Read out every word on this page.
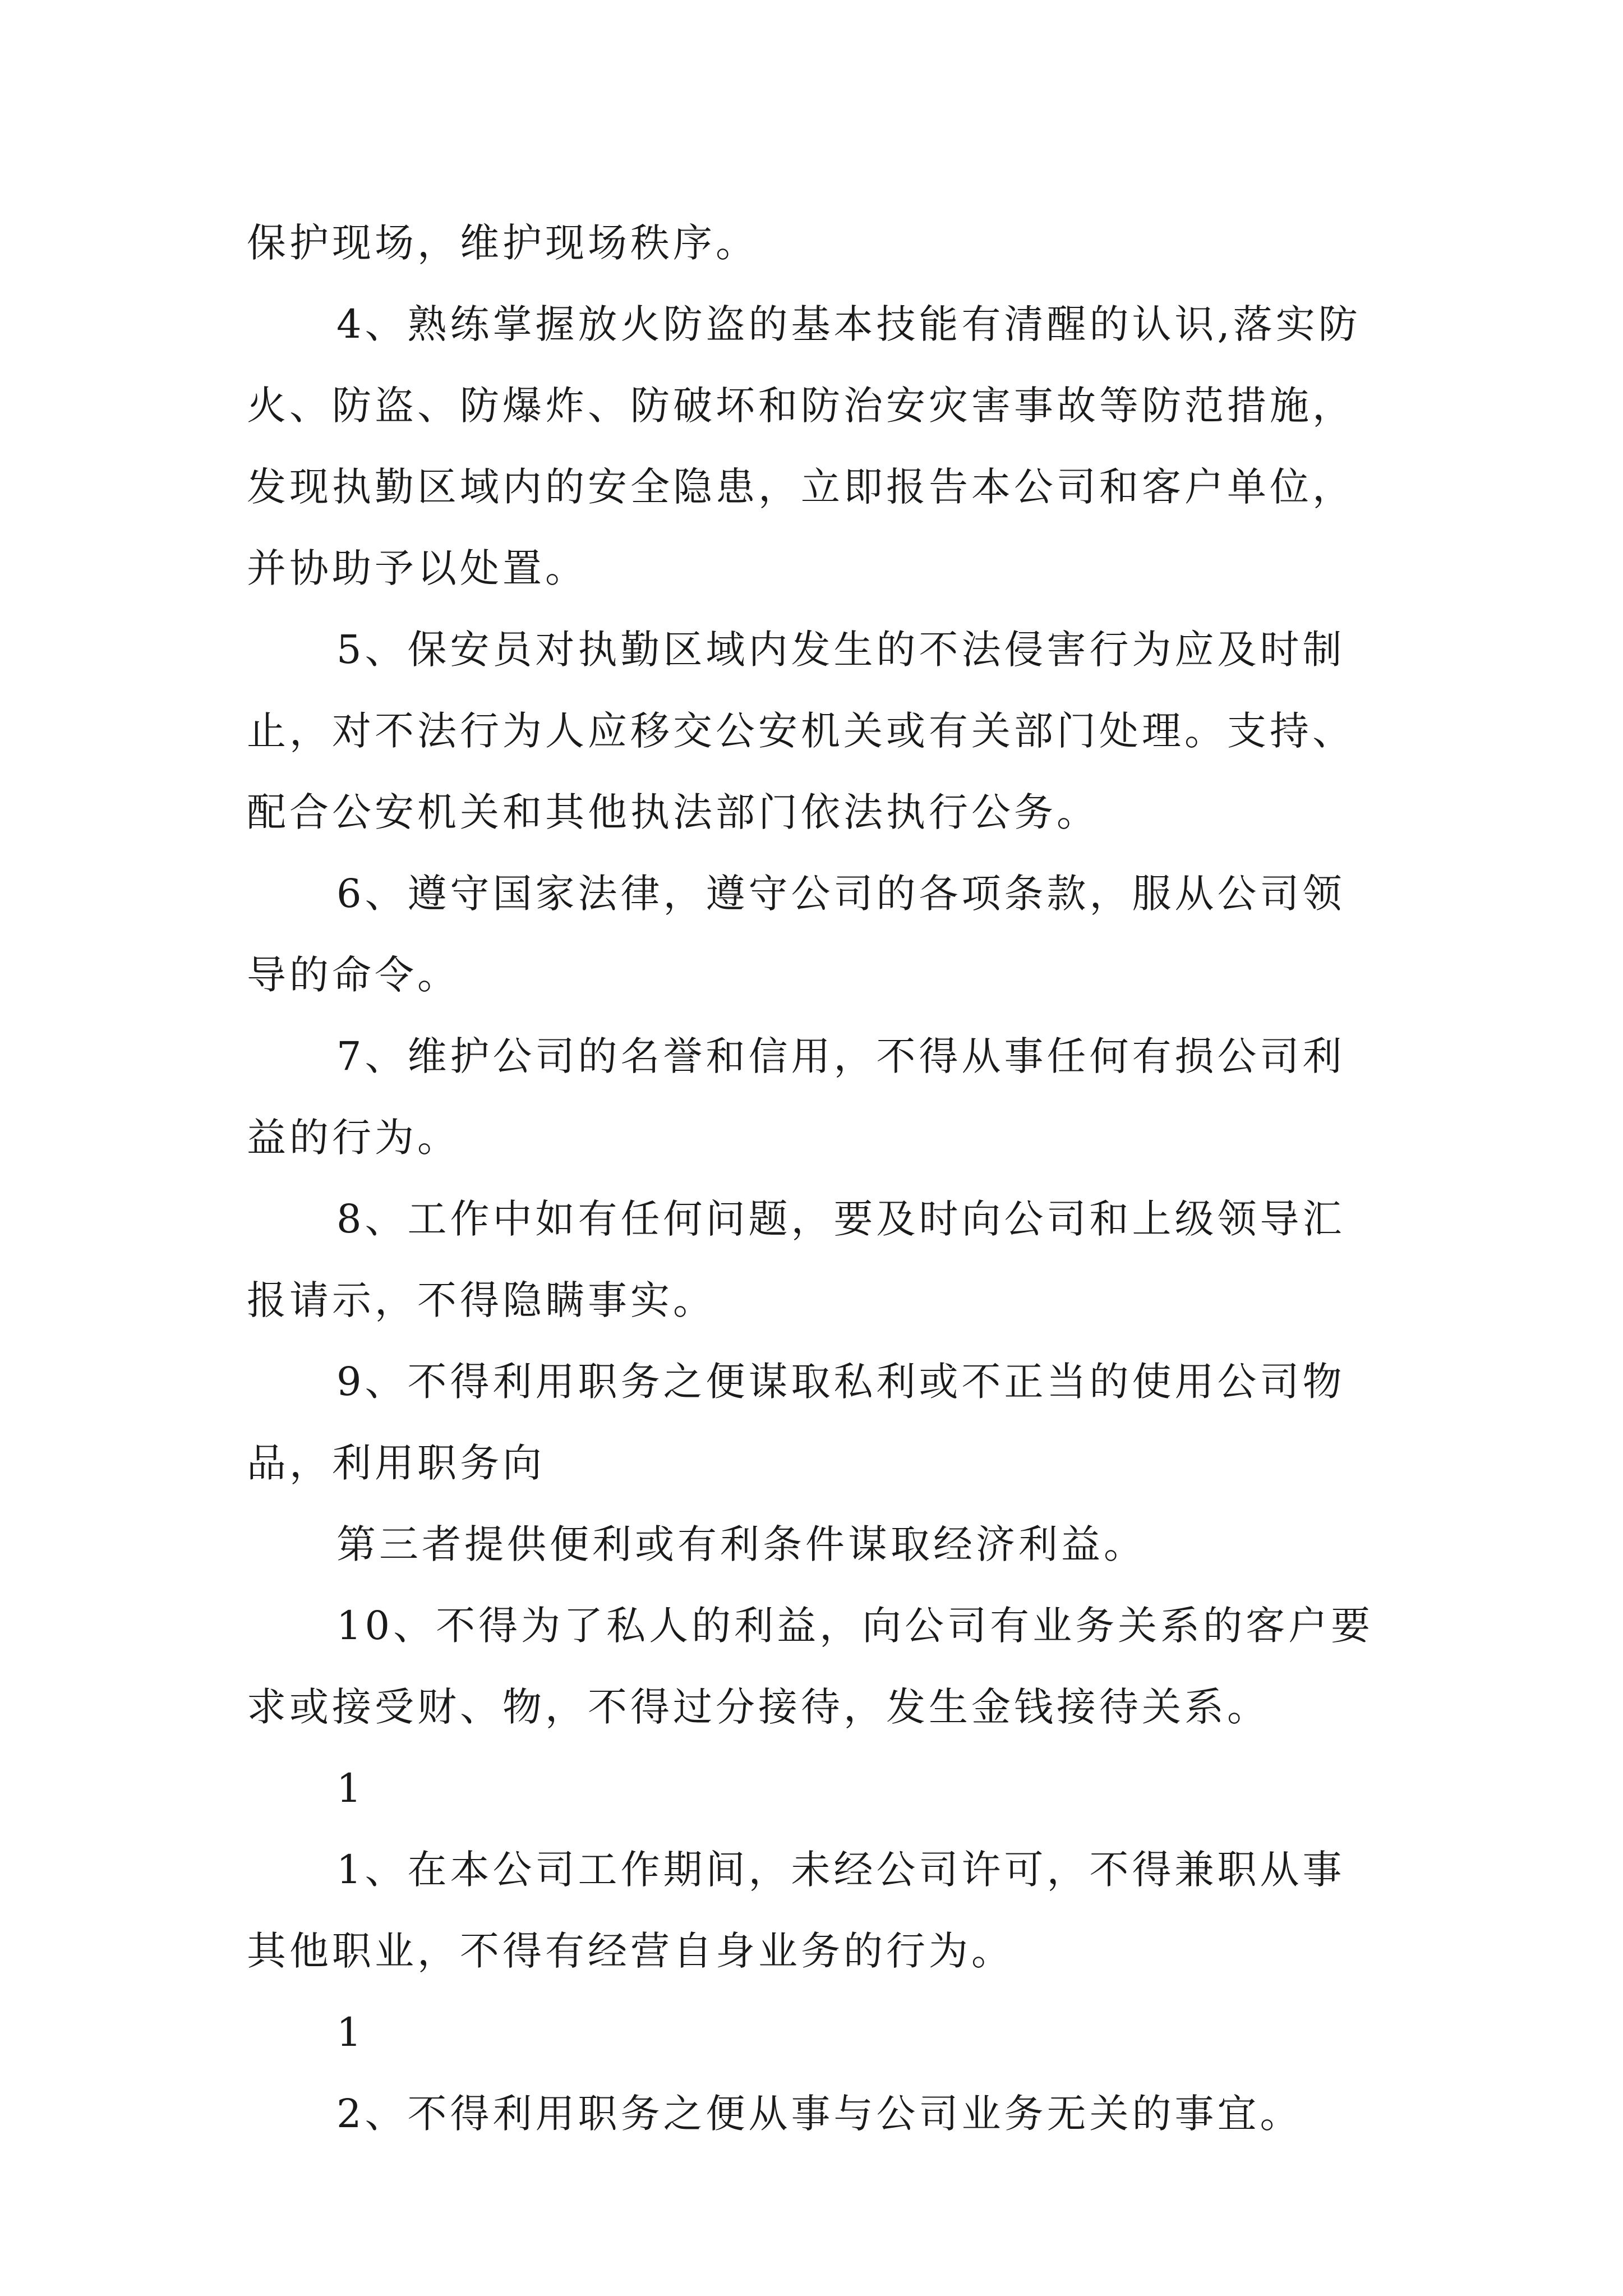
保护现场，维护现场秩序。
4、熟练掌握放火防盗的基本技能有清醒的认识,落实防
火、防盗、防爆炸、防破坏和防治安灾害事故等防范措施，
发现执勤区域内的安全隐患，立即报告本公司和客户单位，
并协助予以处置。
5、保安员对执勤区域内发生的不法侵害行为应及时制
止，对不法行为人应移交公安机关或有关部门处理。支持、
配合公安机关和其他执法部门依法执行公务。
6、遵守国家法律，遵守公司的各项条款，服从公司领
导的命令。
7、维护公司的名誉和信用，不得从事任何有损公司利
益的行为。
8、工作中如有任何问题，要及时向公司和上级领导汇
报请示，不得隐瞒事实。
9、不得利用职务之便谋取私利或不正当的使用公司物
品，利用职务向
第三者提供便利或有利条件谋取经济利益。
10、不得为了私人的利益，向公司有业务关系的客户要
求或接受财、物，不得过分接待，发生金钱接待关系。
1
1、在本公司工作期间，未经公司许可，不得兼职从事
其他职业，不得有经营自身业务的行为。
1
2、不得利用职务之便从事与公司业务无关的事宜。
